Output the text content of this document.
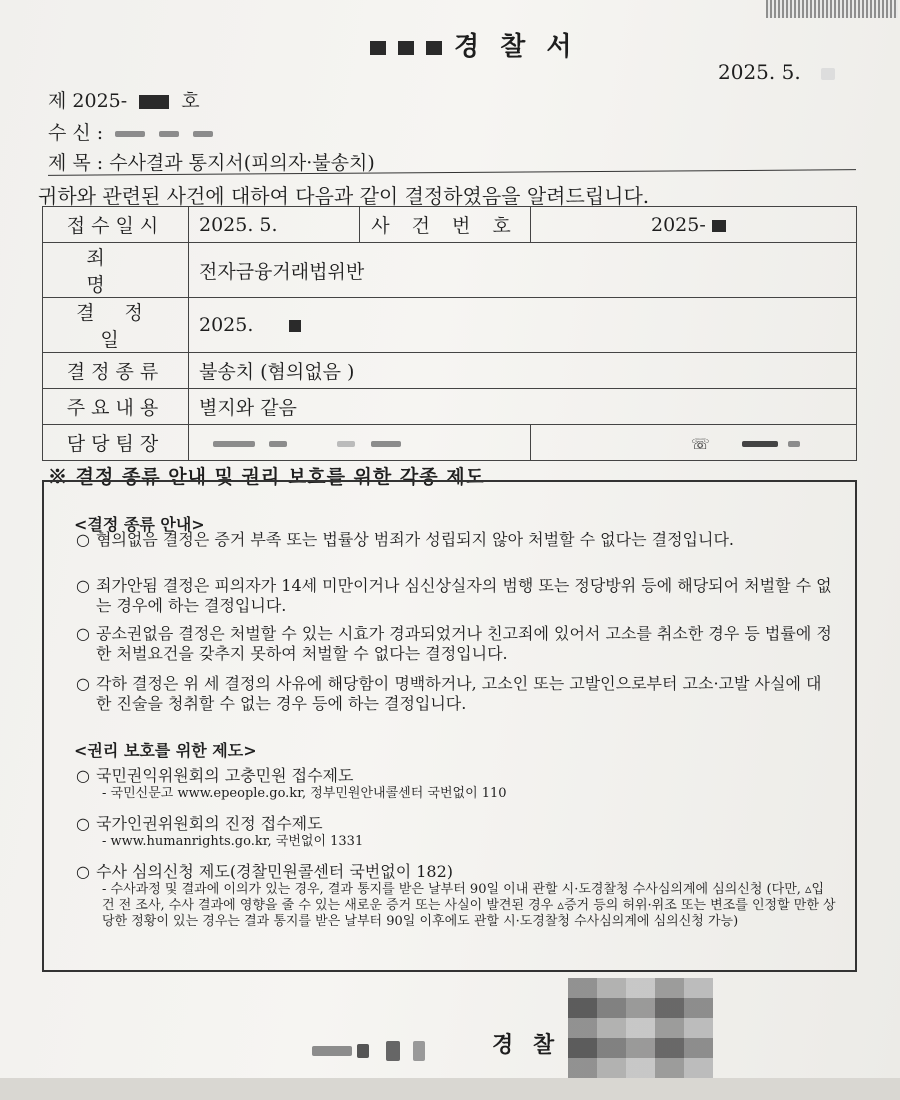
경 찰 서
2025. 5.
제 2025-	호
수 신 :
제 목 : 수사결과 통지서(피의자·불송치)
귀하와 관련된 사건에 대하여 다음과 같이 결정하였음을 알려드립니다.
접수일시	2025. 5.	사 건 번 호	2025-
죄 명	전자금융거래법위반		
결 정 일	2025.		
결정종류	불송치 (혐의없음 )		
주요내용	별지와 같음		
담당팀장			☏
※ 결정 종류 안내 및 권리 보호를 위한 각종 제도
<결정 종류 안내>
○ 혐의없음 결정은 증거 부족 또는 법률상 범죄가 성립되지 않아 처벌할 수 없다는 결정입니다.
○ 죄가안됨 결정은 피의자가 14세 미만이거나 심신상실자의 범행 또는 정당방위 등에 해당되어 처벌할 수 없는 경우에 하는 결정입니다.
○ 공소권없음 결정은 처벌할 수 있는 시효가 경과되었거나 친고죄에 있어서 고소를 취소한 경우 등 법률에 정한 처벌요건을 갖추지 못하여 처벌할 수 없다는 결정입니다.
○ 각하 결정은 위 세 결정의 사유에 해당함이 명백하거나, 고소인 또는 고발인으로부터 고소·고발 사실에 대한 진술을 청취할 수 없는 경우 등에 하는 결정입니다.
<권리 보호를 위한 제도>
○ 국민권익위원회의 고충민원 접수제도
- 국민신문고 www.epeople.go.kr, 정부민원안내콜센터 국번없이 110
○ 국가인권위원회의 진정 접수제도
- www.humanrights.go.kr, 국번없이 1331
○ 수사 심의신청 제도(경찰민원콜센터 국번없이 182)
- 수사과정 및 결과에 이의가 있는 경우, 결과 통지를 받은 날부터 90일 이내 관할 시·도경찰청 수사심의계에 심의신청 (다만, ▵입건 전 조사, 수사 결과에 영향을 줄 수 있는 새로운 증거 또는 사실이 발견된 경우 ▵증거 등의 허위·위조 또는 변조를 인정할 만한 상당한 정황이 있는 경우는 결과 통지를 받은 날부터 90일 이후에도 관할 시·도경찰청 수사심의계에 심의신청 가능)

경 찰
